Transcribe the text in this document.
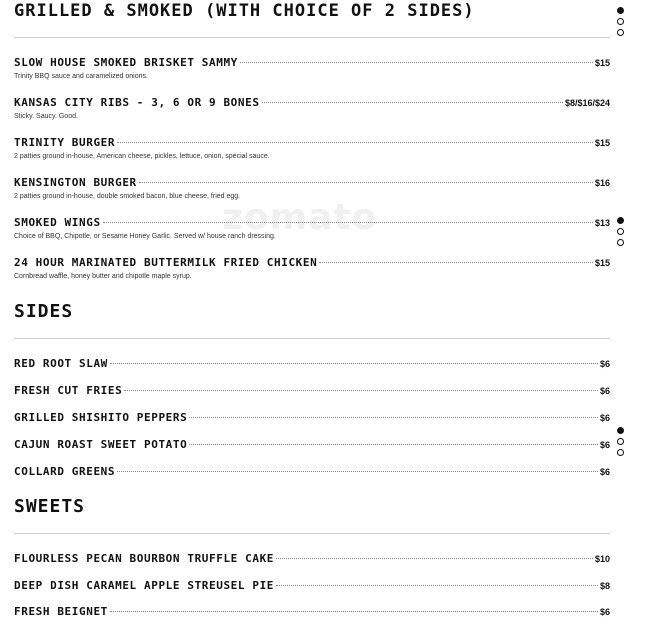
zomato
GRILLED & SMOKED (WITH CHOICE OF 2 SIDES)
SLOW HOUSE SMOKED BRISKET SAMMY	$15
Trinity BBQ sauce and caramelized onions.
KANSAS CITY RIBS - 3, 6 OR 9 BONES	$8/$16/$24
Sticky. Saucy. Good.
TRINITY BURGER	$15
2 patties ground in-house, American cheese, pickles, lettuce, onion, special sauce.
KENSINGTON BURGER	$16
2 patties ground in-house, double smoked bacon, blue cheese, fried egg.
SMOKED WINGS	$13
Choice of BBQ, Chipotle, or Sesame Honey Garlic. Served w/ house ranch dressing.
24 HOUR MARINATED BUTTERMILK FRIED CHICKEN	$15
Cornbread waffle, honey butter and chipotle maple syrup.
SIDES
RED ROOT SLAW	$6
FRESH CUT FRIES	$6
GRILLED SHISHITO PEPPERS	$6
CAJUN ROAST SWEET POTATO	$6
COLLARD GREENS	$6
SWEETS
FLOURLESS PECAN BOURBON TRUFFLE CAKE	$10
DEEP DISH CARAMEL APPLE STREUSEL PIE	$8
FRESH BEIGNET	$6
